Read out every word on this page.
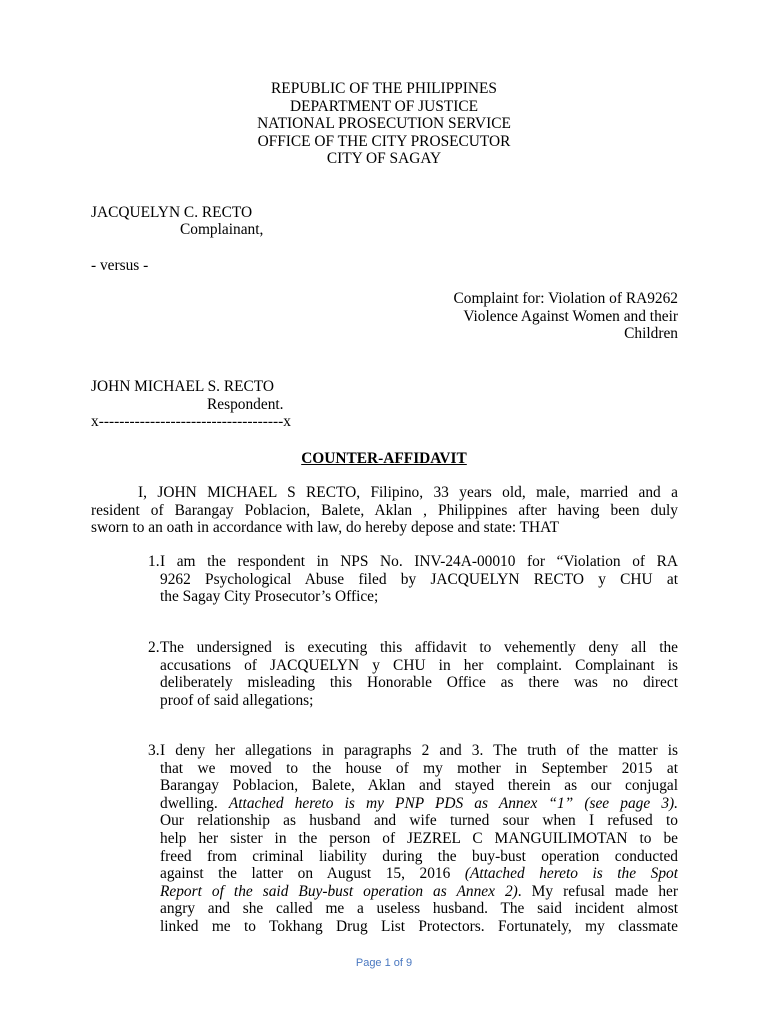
REPUBLIC OF THE PHILIPPINES
DEPARTMENT OF JUSTICE
NATIONAL PROSECUTION SERVICE
OFFICE OF THE CITY PROSECUTOR
CITY OF SAGAY
JACQUELYN C. RECTO
Complainant,
- versus -
Complaint for: Violation of RA9262
Violence Against Women and their
Children
JOHN MICHAEL S. RECTO
Respondent.
x------------------------------------x
COUNTER-AFFIDAVIT
I, JOHN MICHAEL S RECTO, Filipino, 33 years old, male, married and a
resident of Barangay Poblacion, Balete, Aklan , Philippines after having been duly
sworn to an oath in accordance with law, do hereby depose and state: THAT
1. I am the respondent in NPS No. INV-24A-00010 for “Violation of RA
9262 Psychological Abuse filed by JACQUELYN RECTO y CHU at
the Sagay City Prosecutor’s Office;
2. The undersigned is executing this affidavit to vehemently deny all the
accusations of JACQUELYN y CHU in her complaint. Complainant is
deliberately misleading this Honorable Office as there was no direct
proof of said allegations;
3. I deny her allegations in paragraphs 2 and 3. The truth of the matter is
that we moved to the house of my mother in September 2015 at
Barangay Poblacion, Balete, Aklan and stayed therein as our conjugal
dwelling. Attached hereto is my PNP PDS as Annex “1” (see page 3).
Our relationship as husband and wife turned sour when I refused to
help her sister in the person of JEZREL C MANGUILIMOTAN to be
freed from criminal liability during the buy-bust operation conducted
against the latter on August 15, 2016 (Attached hereto is the Spot
Report of the said Buy-bust operation as Annex 2). My refusal made her
angry and she called me a useless husband. The said incident almost
linked me to Tokhang Drug List Protectors. Fortunately, my classmate
Page 1 of 9
